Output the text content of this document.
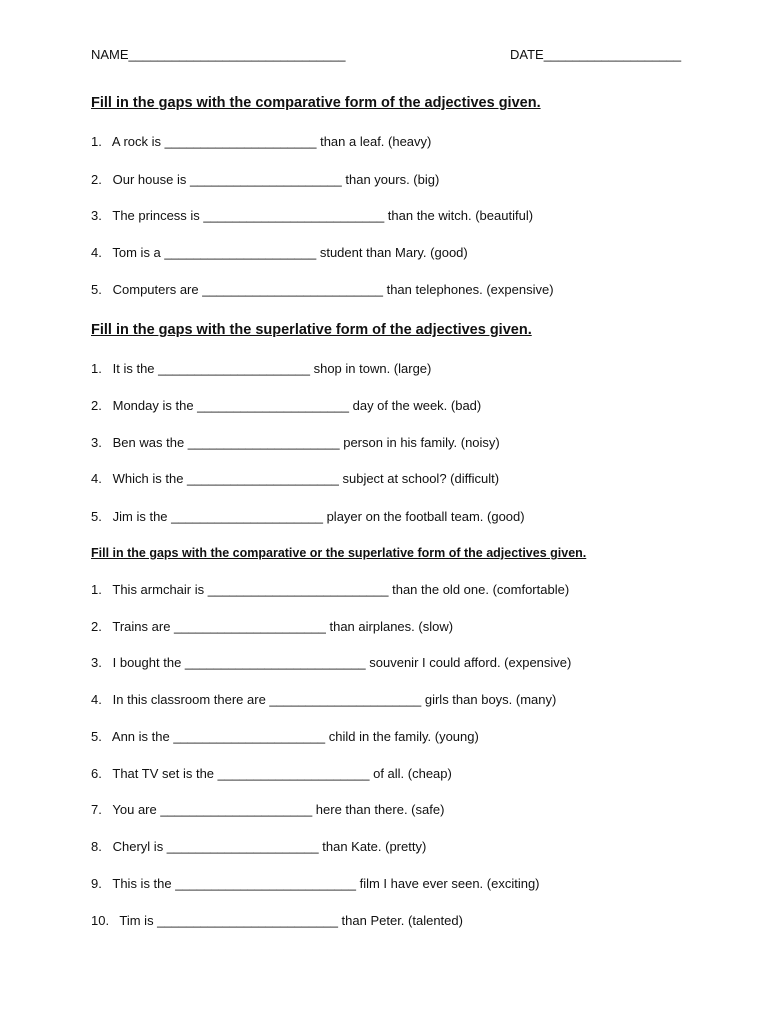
NAME______________________________	DATE___________________
Fill in the gaps with the comparative form of the adjectives given.
1. A rock is _____________________ than a leaf. (heavy)
2. Our house is _____________________ than yours. (big)
3. The princess is _________________________ than the witch. (beautiful)
4. Tom is a _____________________ student than Mary. (good)
5. Computers are _________________________ than telephones. (expensive)
Fill in the gaps with the superlative form of the adjectives given.
1. It is the _____________________ shop in town. (large)
2. Monday is the _____________________ day of the week. (bad)
3. Ben was the _____________________ person in his family. (noisy)
4. Which is the _____________________ subject at school? (difficult)
5. Jim is the _____________________ player on the football team. (good)
Fill in the gaps with the comparative or the superlative form of the adjectives given.
1. This armchair is _________________________ than the old one. (comfortable)
2. Trains are _____________________ than airplanes. (slow)
3. I bought the _________________________ souvenir I could afford. (expensive)
4. In this classroom there are _____________________ girls than boys. (many)
5. Ann is the _____________________ child in the family. (young)
6. That TV set is the _____________________ of all. (cheap)
7. You are _____________________ here than there. (safe)
8. Cheryl is _____________________ than Kate. (pretty)
9. This is the _________________________ film I have ever seen. (exciting)
10. Tim is _________________________ than Peter. (talented)
